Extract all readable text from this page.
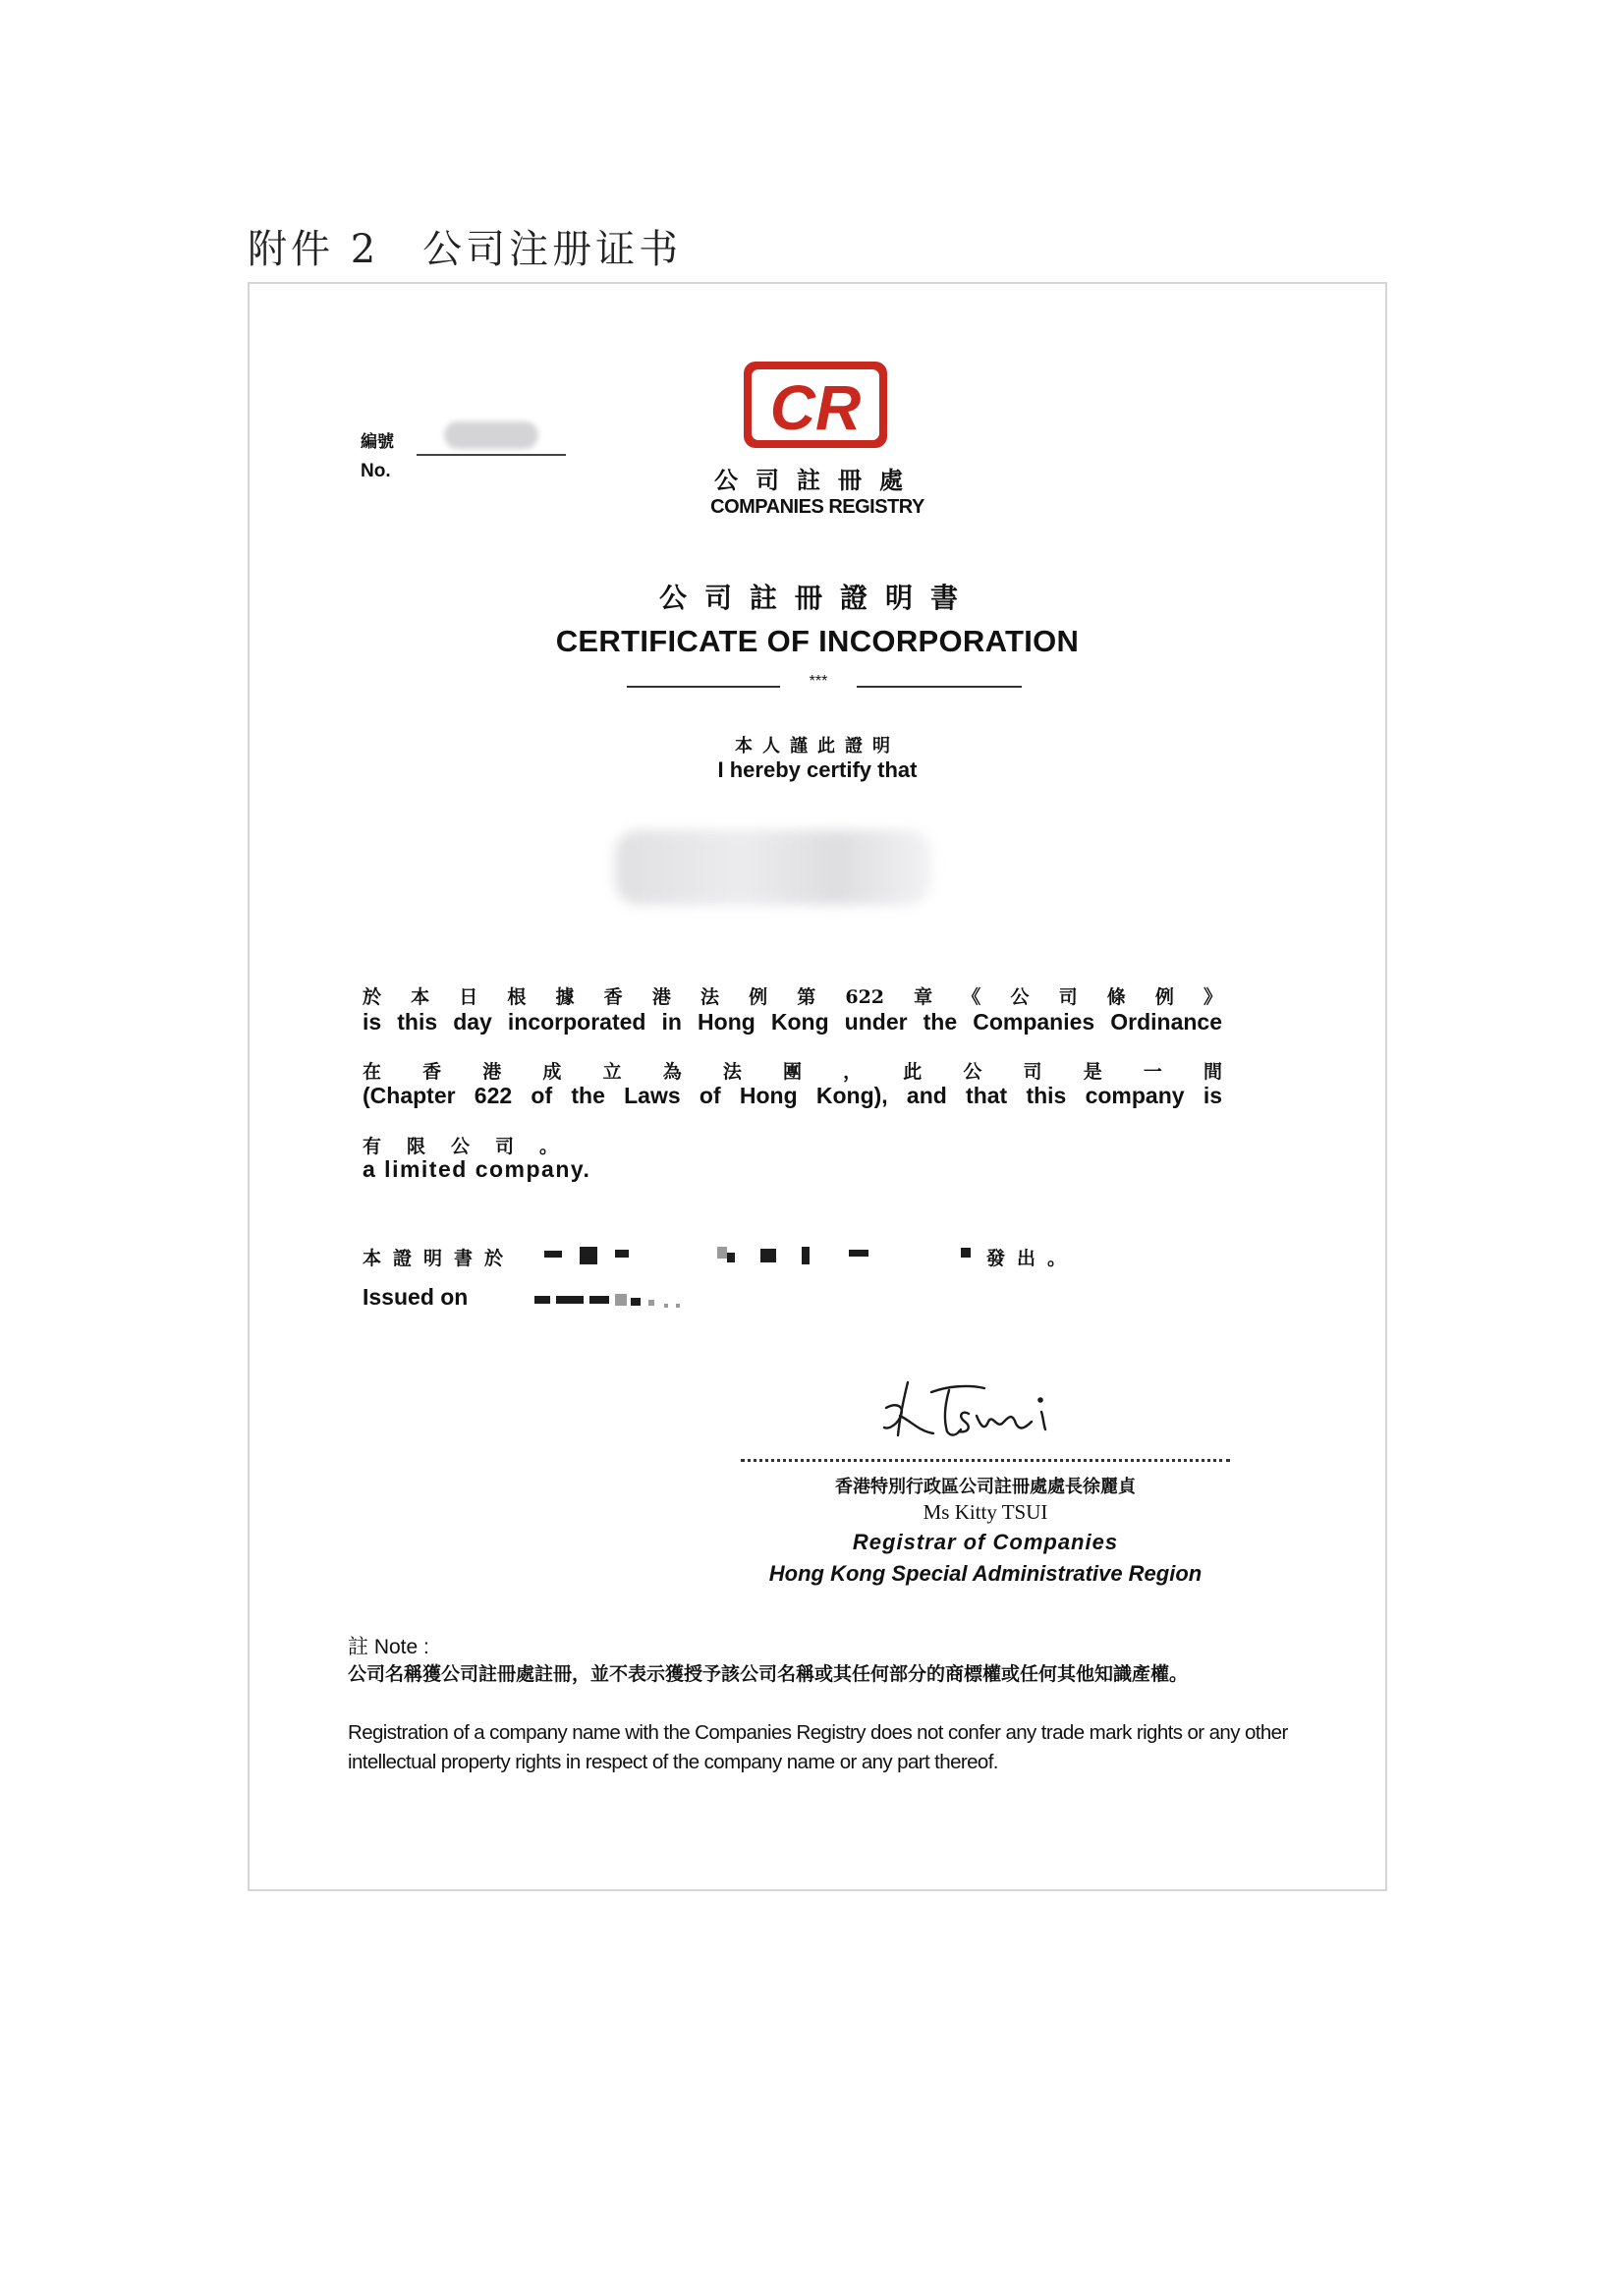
附件 2　公司注册证书
編號
No.
CR
公司註冊處
COMPANIES REGISTRY
公司註冊證明書
CERTIFICATE OF INCORPORATION
***
本人謹此證明
I hereby certify that
於本日根據香港法例第622章《公司條例》
is this day incorporated in Hong Kong under the Companies Ordinance
在香港成立為法團，此公司是一間
(Chapter 622 of the Laws of Hong Kong), and that this company is
有限公司。
a limited company.
本證明書於	發出。
Issued on
香港特別行政區公司註冊處處長徐麗貞
Ms Kitty TSUI
Registrar of Companies
Hong Kong Special Administrative Region
註 Note :
公司名稱獲公司註冊處註冊，並不表示獲授予該公司名稱或其任何部分的商標權或任何其他知識產權。
Registration of a company name with the Companies Registry does not confer any trade mark rights or any other intellectual property rights in respect of the company name or any part thereof.
